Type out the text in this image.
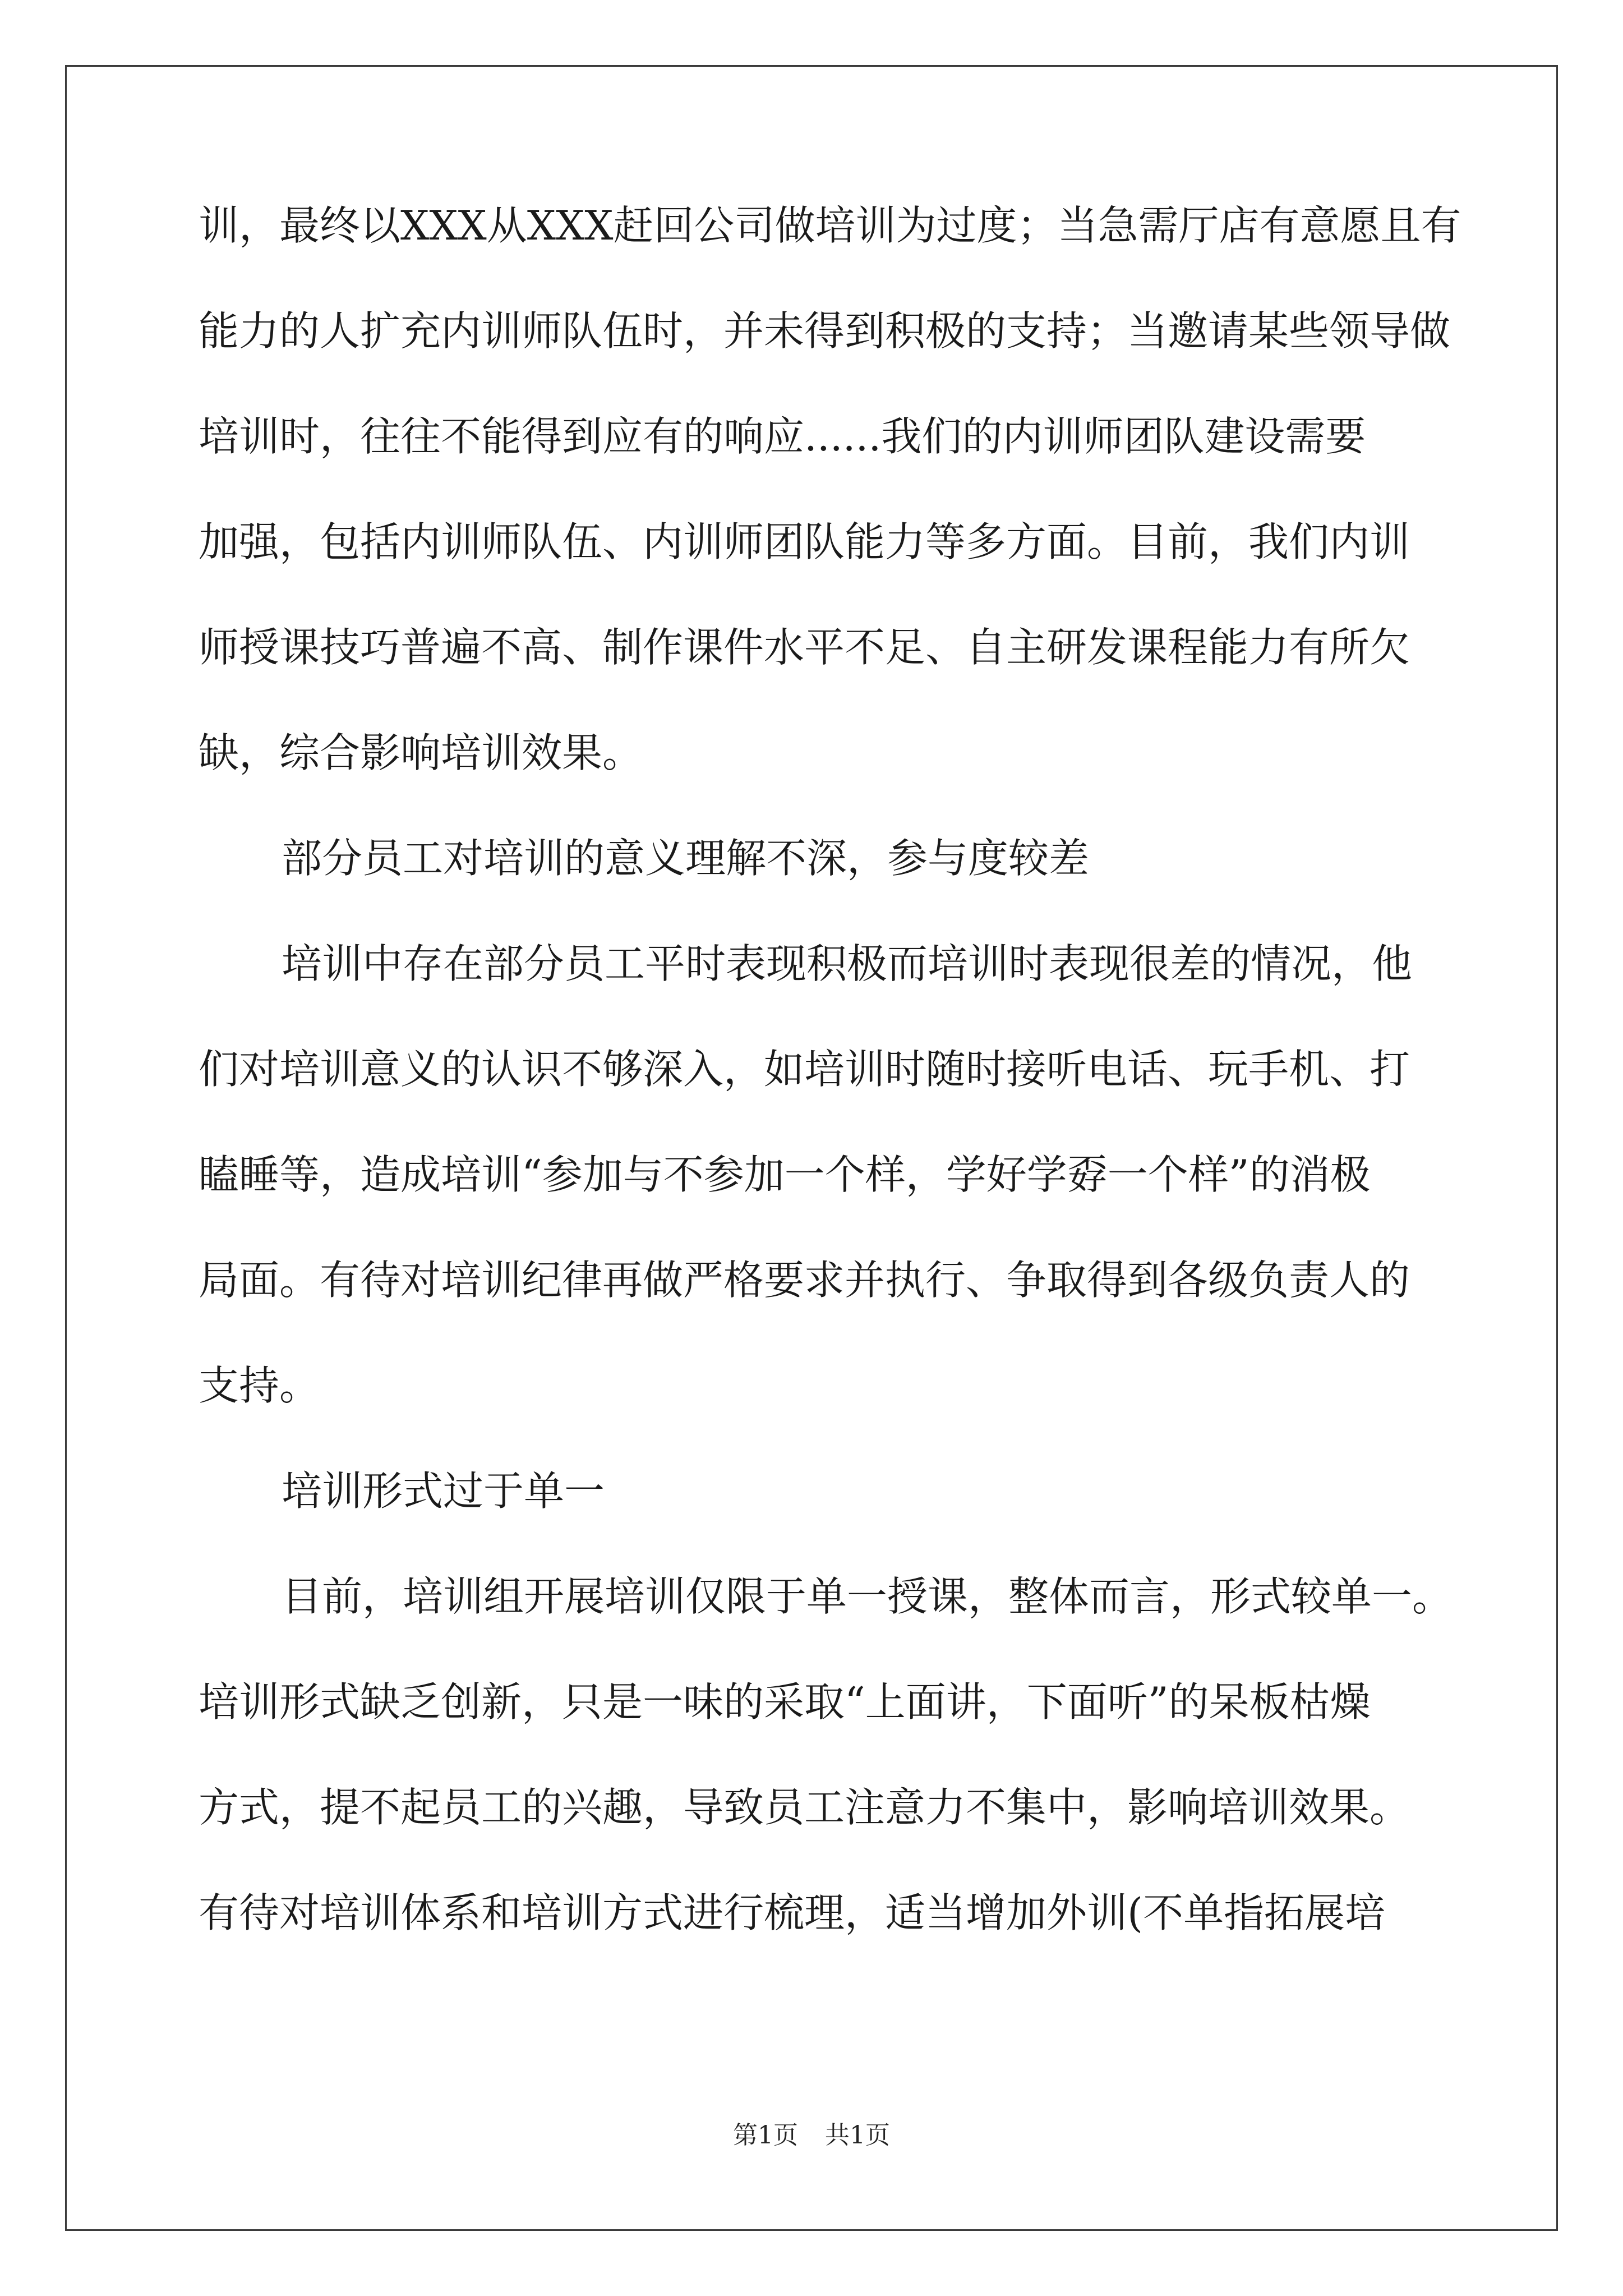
训，最终以XXX从XXX赶回公司做培训为过度；当急需厅店有意愿且有
能力的人扩充内训师队伍时，并未得到积极的支持；当邀请某些领导做
培训时，往往不能得到应有的响应......我们的内训师团队建设需要
加强，包括内训师队伍、内训师团队能力等多方面。目前，我们内训
师授课技巧普遍不高、制作课件水平不足、自主研发课程能力有所欠
缺，综合影响培训效果。
部分员工对培训的意义理解不深，参与度较差
培训中存在部分员工平时表现积极而培训时表现很差的情况，他
们对培训意义的认识不够深入，如培训时随时接听电话、玩手机、打
瞌睡等，造成培训“参加与不参加一个样，学好学孬一个样”的消极
局面。有待对培训纪律再做严格要求并执行、争取得到各级负责人的
支持。
培训形式过于单一
目前，培训组开展培训仅限于单一授课，整体而言，形式较单一。
培训形式缺乏创新，只是一味的采取“上面讲，下面听”的呆板枯燥
方式，提不起员工的兴趣，导致员工注意力不集中，影响培训效果。
有待对培训体系和培训方式进行梳理，适当增加外训(不单指拓展培
第1页 共1页
